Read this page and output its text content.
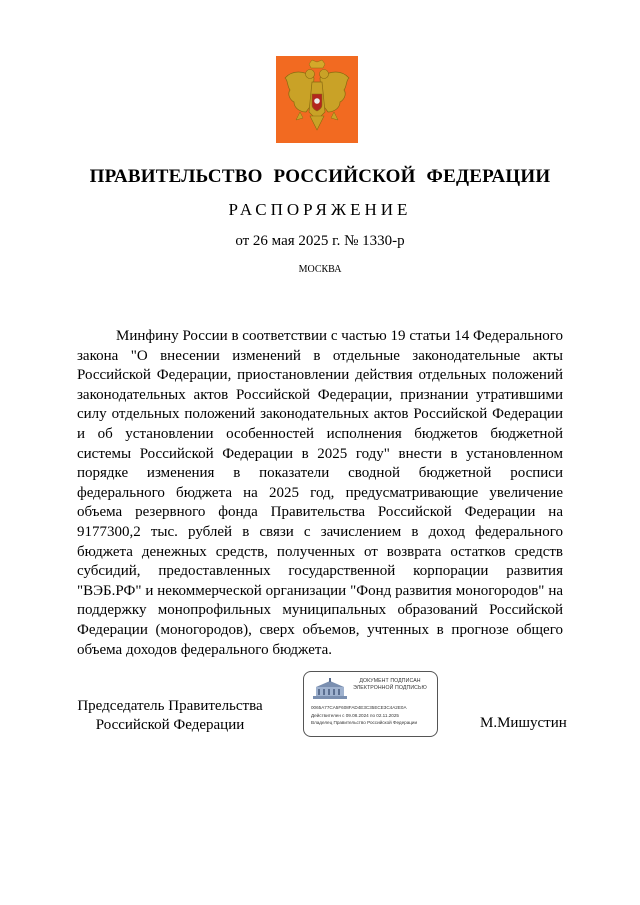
ПРАВИТЕЛЬСТВО РОССИЙСКОЙ ФЕДЕРАЦИИ
РАСПОРЯЖЕНИЕ
от 26 мая 2025 г. № 1330-р
МОСКВА

Минфину России в соответствии с частью 19 статьи 14 Федерального закона "О внесении изменений в отдельные законодательные акты Российской Федерации, приостановлении действия отдельных положений законодательных актов Российской Федерации, признании утратившими силу отдельных положений законодательных актов Российской Федерации и об установлении особенностей исполнения бюджетов бюджетной системы Российской Федерации в 2025 году" внести в установленном порядке изменения в показатели сводной бюджетной росписи федерального бюджета на 2025 год, предусматривающие увеличение объема резервного фонда Правительства Российской Федерации на 9177300,2 тыс. рублей в связи с зачислением в доход федерального бюджета денежных средств, полученных от возврата остатков средств субсидий, предоставленных государственной корпорации развития "ВЭБ.РФ" и некоммерческой организации "Фонд развития моногородов" на поддержку монопрофильных муниципальных образований Российской Федерации (моногородов), сверх объемов, учтенных в прогнозе общего объема доходов федерального бюджета.

Председатель Правительства
Российской Федерации
ДОКУМЕНТ ПОДПИСАН
ЭЛЕКТРОННОЙ ПОДПИСЬЮ
0065A77CA5F608FAD4E3C35ECE3C4A2E0A
Действителен с 09.08.2024 по 02.11.2025
Владелец Правительство Российской Федерации	М.Мишустин
